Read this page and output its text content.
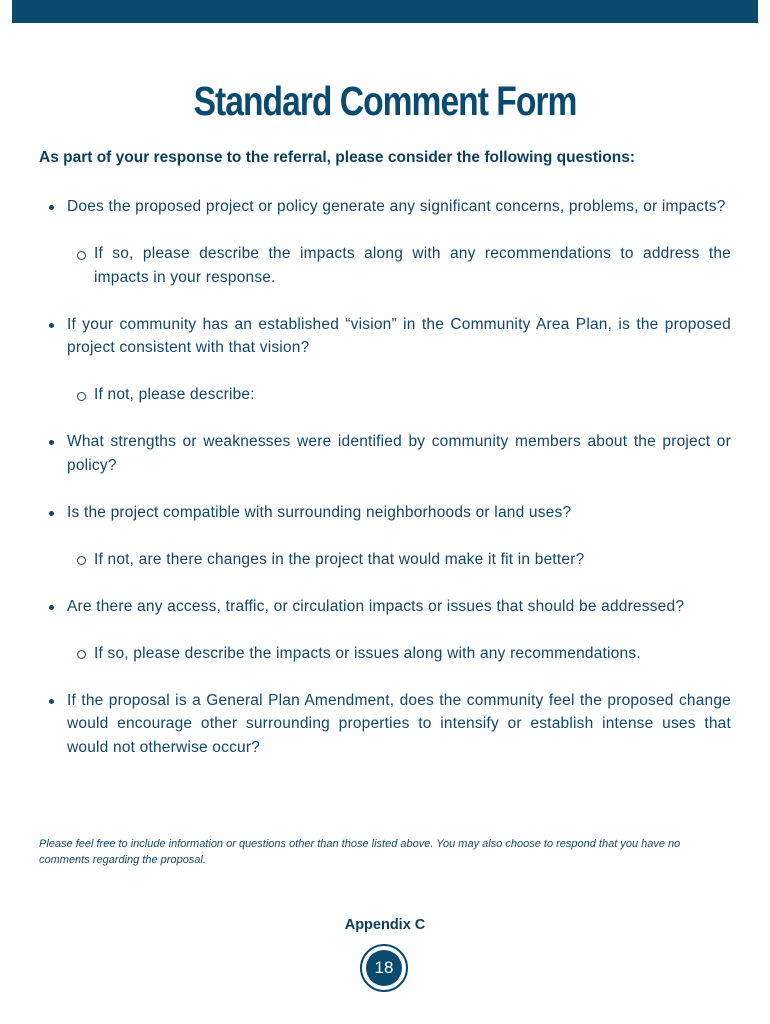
Standard Comment Form

As part of your response to the referral, please consider the following questions:

Does the proposed project or policy generate any significant concerns, problems, or impacts?
If so, please describe the impacts along with any recommendations to address the impacts in your response.
If your community has an established “vision” in the Community Area Plan, is the proposed project consistent with that vision?
If not, please describe:
What strengths or weaknesses were identified by community members about the project or policy?
Is the project compatible with surrounding neighborhoods or land uses?
If not, are there changes in the project that would make it fit in better?
Are there any access, traffic, or circulation impacts or issues that should be addressed?
If so, please describe the impacts or issues along with any recommendations.
If the proposal is a General Plan Amendment, does the community feel the proposed change would encourage other surrounding properties to intensify or establish intense uses that would not otherwise occur?

Please feel free to include information or questions other than those listed above. You may also choose to respond that you have no comments regarding the proposal.

Appendix C
18
